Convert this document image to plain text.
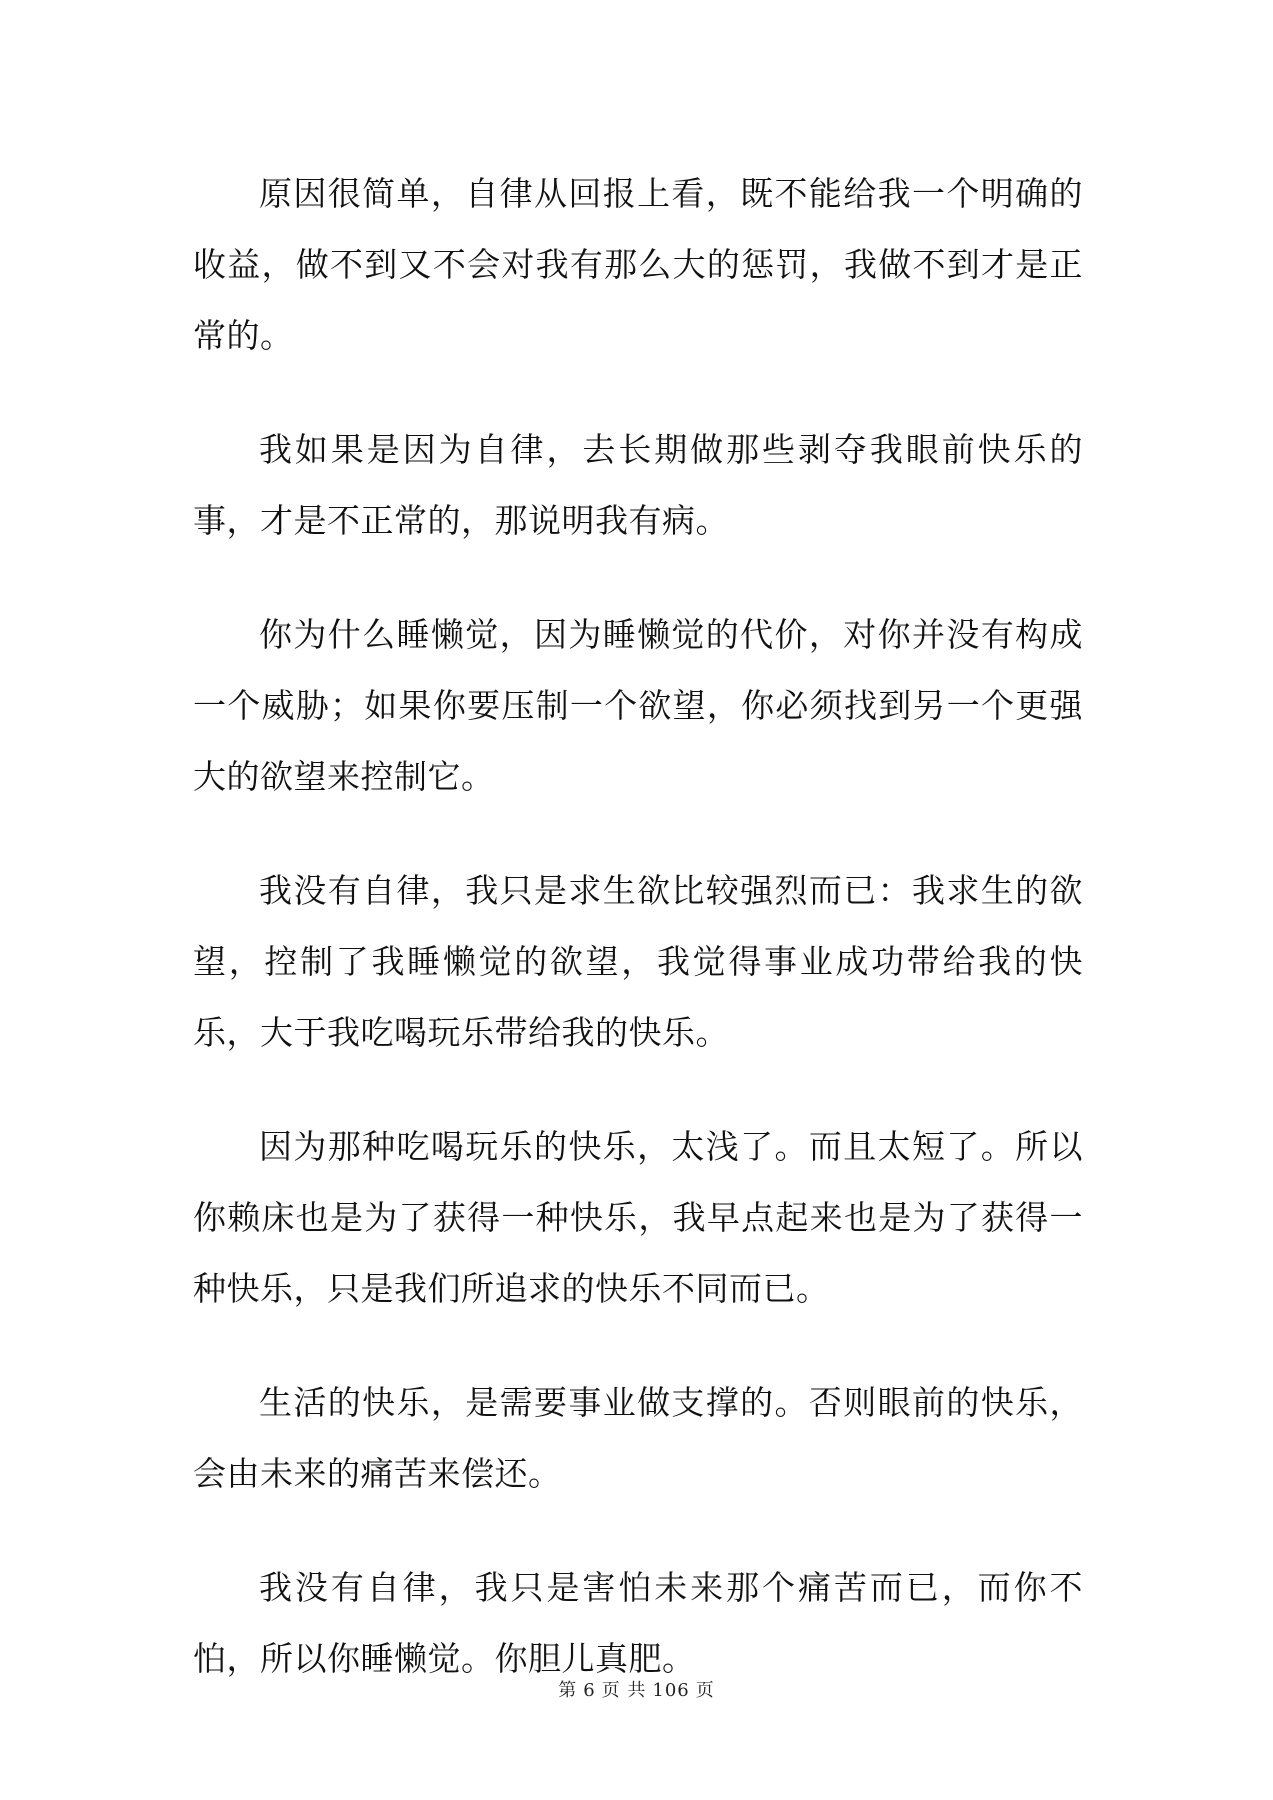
原因很简单，自律从回报上看，既不能给我一个明确的收益，做不到又不会对我有那么大的惩罚，我做不到才是正常的。

我如果是因为自律，去长期做那些剥夺我眼前快乐的事，才是不正常的，那说明我有病。

你为什么睡懒觉，因为睡懒觉的代价，对你并没有构成一个威胁；如果你要压制一个欲望，你必须找到另一个更强大的欲望来控制它。

我没有自律，我只是求生欲比较强烈而已：我求生的欲望，控制了我睡懒觉的欲望，我觉得事业成功带给我的快乐，大于我吃喝玩乐带给我的快乐。

因为那种吃喝玩乐的快乐，太浅了。而且太短了。所以你赖床也是为了获得一种快乐，我早点起来也是为了获得一种快乐，只是我们所追求的快乐不同而已。

生活的快乐，是需要事业做支撑的。否则眼前的快乐，会由未来的痛苦来偿还。

我没有自律，我只是害怕未来那个痛苦而已，而你不怕，所以你睡懒觉。你胆儿真肥。

第 6 页 共 106 页
